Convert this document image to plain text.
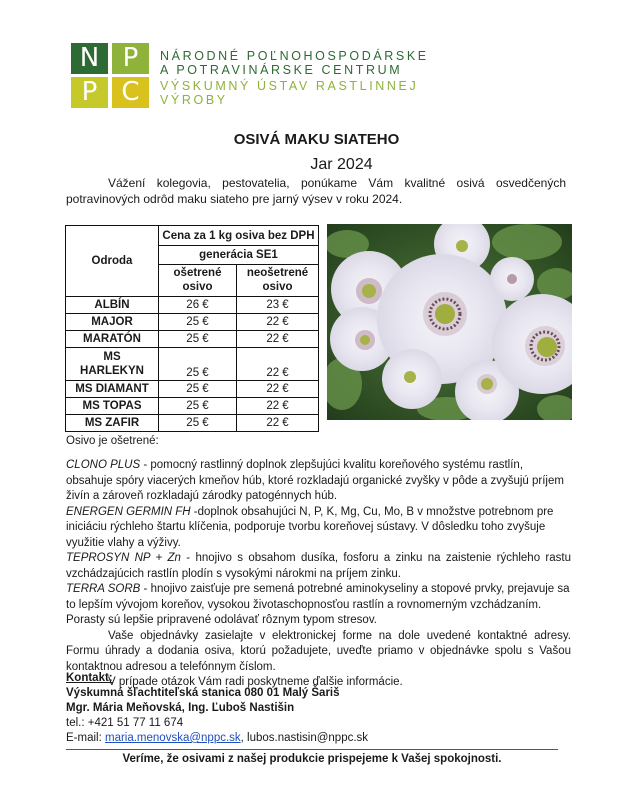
N P
P C
NÁRODNÉ POĽNOHOSPODÁRSKE
A POTRAVINÁRSKE CENTRUM
VÝSKUMNÝ ÚSTAV RASTLINNEJ
VÝROBY
OSIVÁ MAKU SIATEHO
Jar 2024
Vážení kolegovia, pestovatelia, ponúkame Vám kvalitné osivá osvedčených potravinových odrôd maku siateho pre jarný výsev v roku 2024.
Odroda	Cena za 1 kg osiva bez DPH	
	generácia SE1	
	ošetrené osivo	neošetrené osivo
ALBÍN	26 €	23 €
MAJOR	25 €	22 €
MARATÓN	25 €	22 €
MS HARLEKYN	25 €	22 €
MS DIAMANT	25 €	22 €
MS TOPAS	25 €	22 €
MS ZAFIR	25 €	22 €
Osivo je ošetrené:
CLONO PLUS - pomocný rastlinný doplnok zlepšujúci kvalitu koreňového systému rastlín, obsahuje spóry viacerých kmeňov húb, ktoré rozkladajú organické zvyšky v pôde a zvyšujú príjem živín a zároveň rozkladajú zárodky patogénnych húb.
ENERGEN GERMIN FH -doplnok obsahujúci N, P, K, Mg, Cu, Mo, B v množstve potrebnom pre iniciáciu rýchleho štartu klíčenia, podporuje tvorbu koreňovej sústavy. V dôsledku toho zvyšuje využitie vlahy a výživy.
TEPROSYN NP + Zn - hnojivo s obsahom dusíka, fosforu a zinku na zaistenie rýchleho rastu vzchádzajúcich rastlín plodín s vysokými nárokmi na príjem zinku.
TERRA SORB - hnojivo zaisťuje pre semená potrebné aminokyseliny a stopové prvky, prejavuje sa to lepším vývojom koreňov, vysokou životaschopnosťou rastlín a rovnomerným vzchádzaním. Porasty sú lepšie pripravené odolávať rôznym typom stresov.
Vaše objednávky zasielajte v elektronickej forme na dole uvedené kontaktné adresy. Formu úhrady a dodania osiva, ktorú požadujete, uveďte priamo v objednávke spolu s Vašou kontaktnou adresou a telefónnym číslom.
V prípade otázok Vám radi poskytneme ďalšie informácie.
Kontakt:
Výskumná šľachtiteľská stanica 080 01 Malý Šariš
Mgr. Mária Meňovská, Ing. Ľuboš Nastišin
tel.: +421 51 77 11 674
E-mail: maria.menovska@nppc.sk, lubos.nastisin@nppc.sk
Veríme, že osivami z našej produkcie prispejeme k Vašej spokojnosti.
